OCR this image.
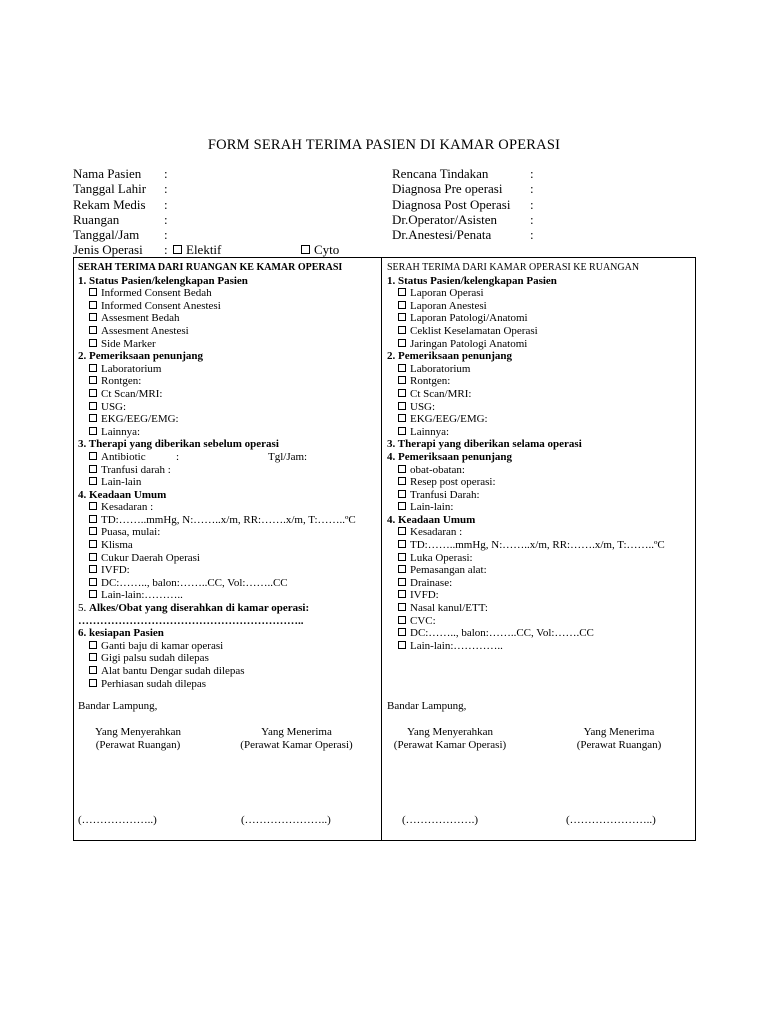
FORM SERAH TERIMA PASIEN DI KAMAR OPERASI
Nama Pasien :
Tanggal Lahir :
Rekam Medis :
Ruangan	:
Tanggal/Jam :
Jenis Operasi :	Elektif	Cyto
Rencana Tindakan	:
Diagnosa Pre operasi :
Diagnosa Post Operasi :
Dr.Operator/Asisten	:
Dr.Anestesi/Penata	:
SERAH TERIMA DARI RUANGAN KE KAMAR OPERASI
1. Status Pasien/kelengkapan Pasien
Informed Consent Bedah
Informed Consent Anestesi
Assesment Bedah
Assesment Anestesi
Side Marker
2. Pemeriksaan penunjang
Laboratorium
Rontgen:
Ct Scan/MRI:
USG:
EKG/EEG/EMG:
Lainnya:
3. Therapi yang diberikan sebelum operasi
Antibiotic	:	Tgl/Jam:
Tranfusi darah :
Lain-lain
4. Keadaan Umum
Kesadaran :
TD:……..mmHg, N:……..x/m, RR:…….x/m, T:……..ºC
Puasa, mulai:
Klisma
Cukur Daerah Operasi
IVFD:
DC:…….., balon:……..CC, Vol:……..CC
Lain-lain:………..
5. Alkes/Obat yang diserahkan di kamar operasi:
……………………………………………………..
6. kesiapan Pasien
Ganti baju di kamar operasi
Gigi palsu sudah dilepas
Alat bantu Dengar sudah dilepas
Perhiasan sudah dilepas
Bandar Lampung,
Yang Menyerahkan
(Perawat Ruangan)
Yang Menerima
(Perawat Kamar Operasi)
(………………..)	(…………………..)
SERAH TERIMA DARI KAMAR OPERASI KE RUANGAN
1. Status Pasien/kelengkapan Pasien
Laporan Operasi
Laporan Anestesi
Laporan Patologi/Anatomi
Ceklist Keselamatan Operasi
Jaringan Patologi Anatomi
2. Pemeriksaan penunjang
Laboratorium
Rontgen:
Ct Scan/MRI:
USG:
EKG/EEG/EMG:
Lainnya:
3. Therapi yang diberikan selama operasi
4. Pemeriksaan penunjang
obat-obatan:
Resep post operasi:
Tranfusi Darah:
Lain-lain:
4. Keadaan Umum
Kesadaran :
TD:……..mmHg, N:……..x/m, RR:…….x/m, T:……..ºC
Luka Operasi:
Pemasangan alat:
Drainase:
IVFD:
Nasal kanul/ETT:
CVC:
DC:…….., balon:……..CC, Vol:…….CC
Lain-lain:…………..
Bandar Lampung,
Yang Menyerahkan
(Perawat Kamar Operasi)
Yang Menerima
(Perawat Ruangan)
(……………….)	(…………………..)
